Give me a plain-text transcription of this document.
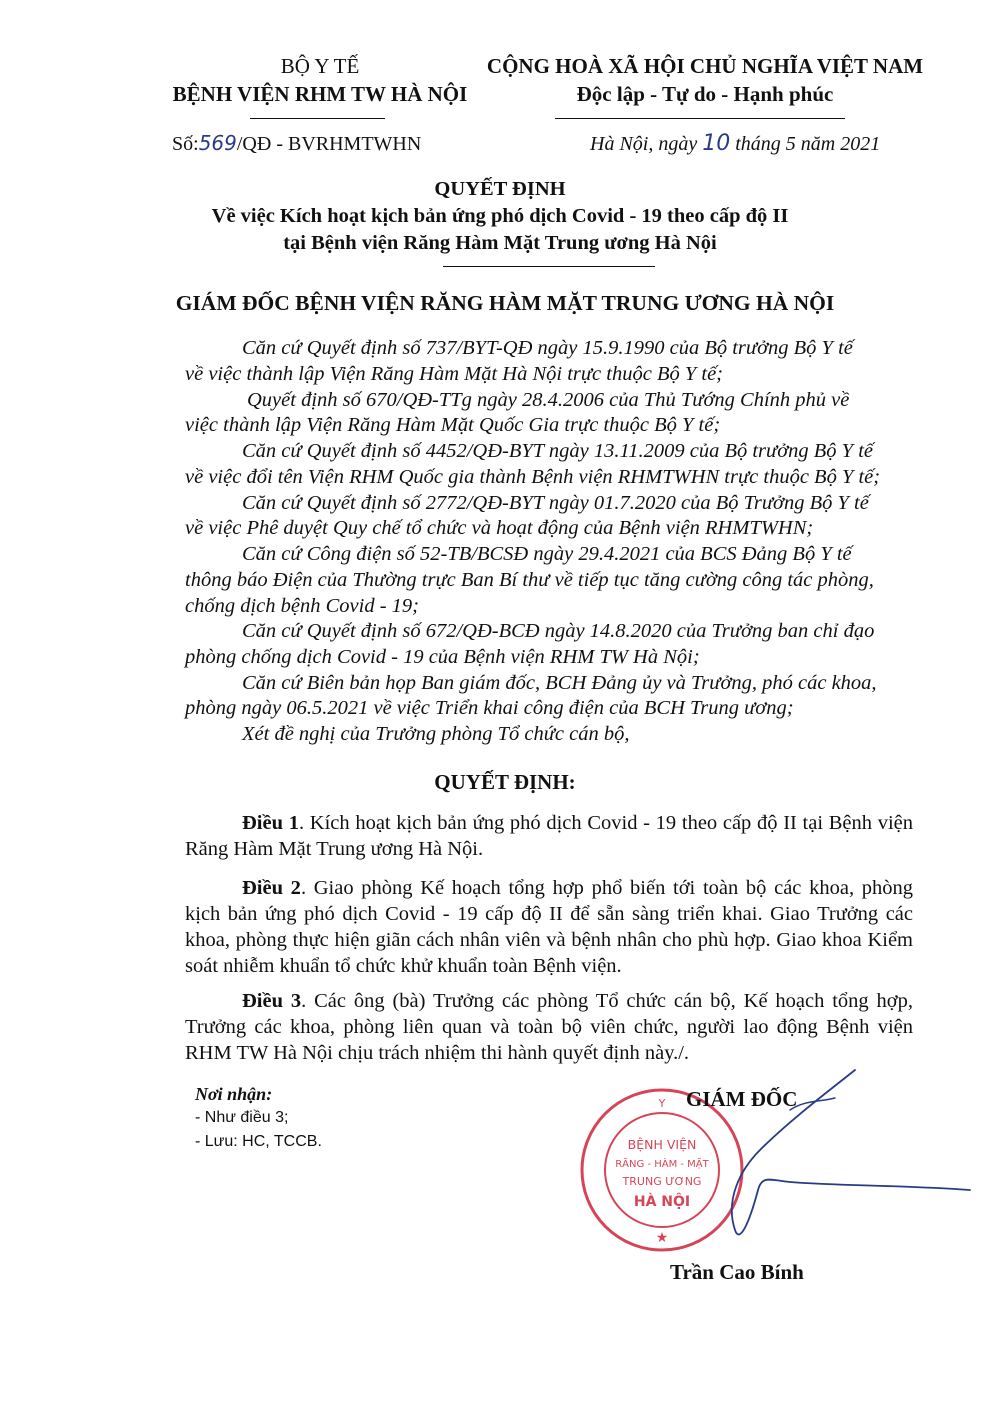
BỘ Y TẾ
BỆNH VIỆN RHM TW HÀ NỘI
Số:569/QĐ - BVRHMTWHN
CỘNG HOÀ XÃ HỘI CHỦ NGHĨA VIỆT NAM
Độc lập - Tự do - Hạnh phúc
Hà Nội, ngày 10 tháng 5 năm 2021
QUYẾT ĐỊNH
Về việc Kích hoạt kịch bản ứng phó dịch Covid - 19 theo cấp độ II
tại Bệnh viện Răng Hàm Mặt Trung ương Hà Nội
GIÁM ĐỐC BỆNH VIỆN RĂNG HÀM MẶT TRUNG ƯƠNG HÀ NỘI

Căn cứ Quyết định số 737/BYT-QĐ ngày 15.9.1990 của Bộ trưởng Bộ Y tế

về việc thành lập Viện Răng Hàm Mặt Hà Nội trực thuộc Bộ Y tế;

Quyết định số 670/QĐ-TTg ngày 28.4.2006 của Thủ Tướng Chính phủ về

việc thành lập Viện Răng Hàm Mặt Quốc Gia trực thuộc Bộ Y tế;

Căn cứ Quyết định số 4452/QĐ-BYT ngày 13.11.2009 của Bộ trưởng Bộ Y tế

về việc đổi tên Viện RHM Quốc gia thành Bệnh viện RHMTWHN trực thuộc Bộ Y tế;

Căn cứ Quyết định số 2772/QĐ-BYT ngày 01.7.2020 của Bộ Trưởng Bộ Y tế

về việc Phê duyệt Quy chế tổ chức và hoạt động của Bệnh viện RHMTWHN;

Căn cứ Công điện số 52-TB/BCSĐ ngày 29.4.2021 của BCS Đảng Bộ Y tế

thông báo Điện của Thường trực Ban Bí thư về tiếp tục tăng cường công tác phòng,

chống dịch bệnh Covid - 19;

Căn cứ Quyết định số 672/QĐ-BCĐ ngày 14.8.2020 của Trưởng ban chỉ đạo

phòng chống dịch Covid - 19 của Bệnh viện RHM TW Hà Nội;

Căn cứ Biên bản họp Ban giám đốc, BCH Đảng ủy và Trưởng, phó các khoa,

phòng ngày 06.5.2021 về việc Triển khai công điện của BCH Trung ương;

Xét đề nghị của Trưởng phòng Tổ chức cán bộ,

QUYẾT ĐỊNH:
Điều 1. Kích hoạt kịch bản ứng phó dịch Covid - 19 theo cấp độ II tại Bệnh viện Răng Hàm Mặt Trung ương Hà Nội.
Điều 2. Giao phòng Kế hoạch tổng hợp phổ biến tới toàn bộ các khoa, phòng kịch bản ứng phó dịch Covid - 19 cấp độ II để sẵn sàng triển khai. Giao Trưởng các khoa, phòng thực hiện giãn cách nhân viên và bệnh nhân cho phù hợp. Giao khoa Kiểm soát nhiễm khuẩn tổ chức khử khuẩn toàn Bệnh viện.
Điều 3. Các ông (bà) Trưởng các phòng Tổ chức cán bộ, Kế hoạch tổng hợp, Trưởng các khoa, phòng liên quan và toàn bộ viên chức, người lao động Bệnh viện RHM TW Hà Nội chịu trách nhiệm thi hành quyết định này./.
Nơi nhận:
- Như điều 3;
- Lưu: HC, TCCB.
Y
BỆNH VIỆN
RĂNG - HÀM - MẶT
TRUNG ƯƠNG
HÀ NỘI
★
GIÁM ĐỐC
Trần Cao Bính
